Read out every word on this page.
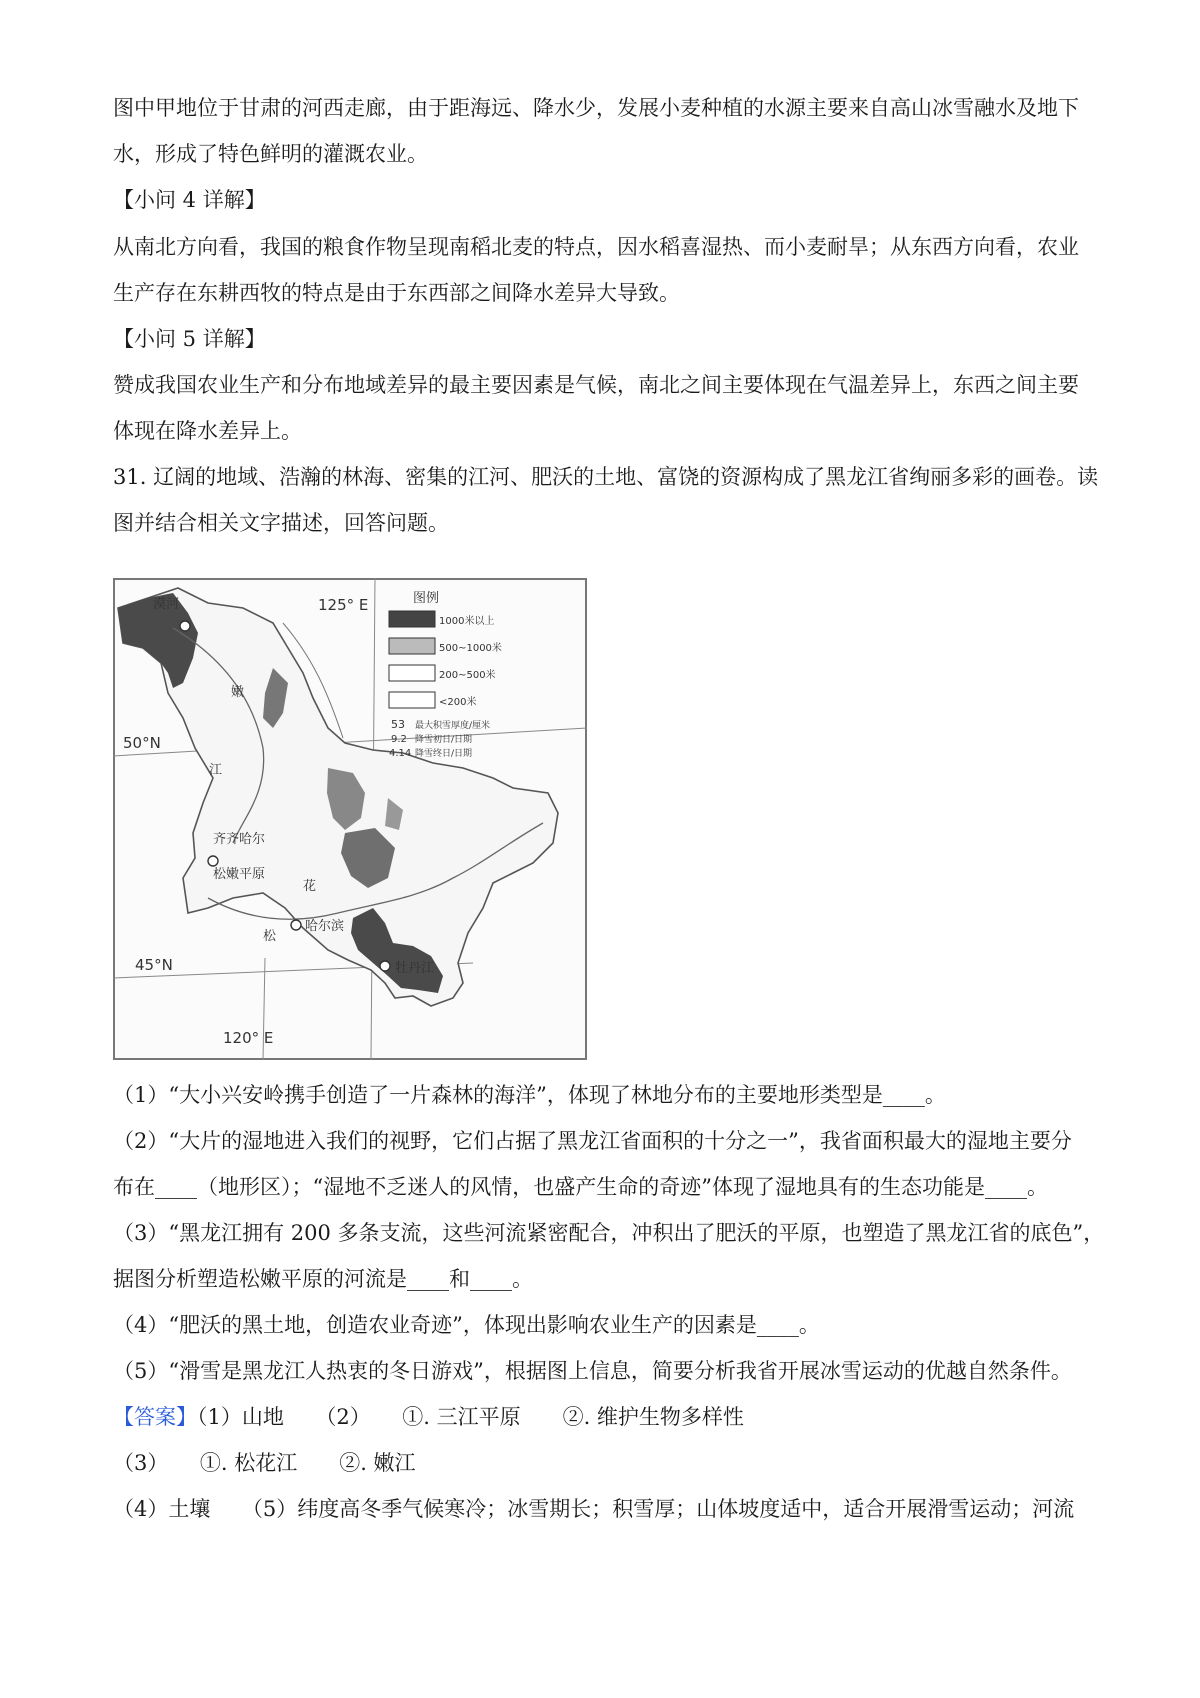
图中甲地位于甘肃的河西走廊，由于距海远、降水少，发展小麦种植的水源主要来自高山冰雪融水及地下
水，形成了特色鲜明的灌溉农业。
【小问 4 详解】
从南北方向看，我国的粮食作物呈现南稻北麦的特点，因水稻喜湿热、而小麦耐旱；从东西方向看，农业
生产存在东耕西牧的特点是由于东西部之间降水差异大导致。
【小问 5 详解】
赞成我国农业生产和分布地域差异的最主要因素是气候，南北之间主要体现在气温差异上，东西之间主要
体现在降水差异上。
31. 辽阔的地域、浩瀚的林海、密集的江河、肥沃的土地、富饶的资源构成了黑龙江省绚丽多彩的画卷。读
图并结合相关文字描述，回答问题。
漠河
齐齐哈尔
松嫩平原
哈尔滨
牡丹江
嫩
江
松
花
125° E
120° E
50°N
45°N
图例
1000米以上
500~1000米
200~500米
<200米
53 最大积雪厚度/厘米
9.2 降雪初日/日期
4.14 降雪终日/日期
（1）“大小兴安岭携手创造了一片森林的海洋”，体现了林地分布的主要地形类型是____。
（2）“大片的湿地进入我们的视野，它们占据了黑龙江省面积的十分之一”，我省面积最大的湿地主要分
布在____（地形区）；“湿地不乏迷人的风情，也盛产生命的奇迹”体现了湿地具有的生态功能是____。
（3）“黑龙江拥有 200 多条支流，这些河流紧密配合，冲积出了肥沃的平原，也塑造了黑龙江省的底色”，
据图分析塑造松嫩平原的河流是____和____。
（4）“肥沃的黑土地，创造农业奇迹”，体现出影响农业生产的因素是____。
（5）“滑雪是黑龙江人热衷的冬日游戏”，根据图上信息，简要分析我省开展冰雪运动的优越自然条件。
【答案】（1）山地　　（2）　　①. 三江平原　　②. 维护生物多样性
（3）　　①. 松花江　　②. 嫩江
（4）土壤　　（5）纬度高冬季气候寒冷；冰雪期长；积雪厚；山体坡度适中，适合开展滑雪运动；河流
